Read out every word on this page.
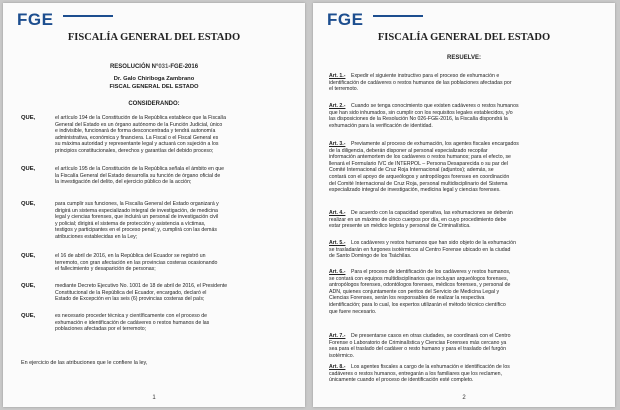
FGE
FISCALÍA GENERAL DEL ESTADO
RESOLUCIÓN N°031-FGE-2016
Dr. Galo Chiriboga Zambrano
FISCAL GENERAL DEL ESTADO
CONSIDERANDO:
QUE,	el artículo 194 de la Constitución de la República establece que la Fiscalía
General del Estado es un órgano autónomo de la Función Judicial, único
e indivisible, funcionará de forma desconcentrada y tendrá autonomía
administrativa, económica y financiera. La Fiscal o el Fiscal General es
su máxima autoridad y representante legal y actuará con sujeción a los
principios constitucionales, derechos y garantías del debido proceso;
QUE,	el artículo 195 de la Constitución de la República señala el ámbito en que
la Fiscalía General del Estado desarrolla su función de órgano oficial de
la investigación del delito, del ejercicio público de la acción;
QUE,	para cumplir sus funciones, la Fiscalía General del Estado organizará y
dirigirá un sistema especializado integral de investigación, de medicina
legal y ciencias forenses, que incluirá un personal de investigación civil
y policial; dirigirá el sistema de protección y asistencia a víctimas,
testigos y participantes en el proceso penal; y, cumplirá con las demás
atribuciones establecidas en la Ley;
QUE,	el 16 de abril de 2016, en la República del Ecuador se registró un
terremoto, con gran afectación en las provincias costeras ocasionando
el fallecimiento y desaparición de personas;
QUE,	mediante Decreto Ejecutivo No. 1001 de 18 de abril de 2016, el Presidente
Constitucional de la República del Ecuador, encargado, declaró el
Estado de Excepción en las seis (6) provincias costeras del país;
QUE,	es necesario proceder técnica y científicamente con el proceso de
exhumación e identificación de cadáveres o restos humanos de las
poblaciones afectadas por el terremoto;
En ejercicio de las atribuciones que le confiere la ley,
1
FGE
FISCALÍA GENERAL DEL ESTADO
RESUELVE:
Art. 1.- Expedir el siguiente instructivo para el proceso de exhumación e
identificación de cadáveres o restos humanos de las poblaciones afectadas por
el terremoto.
Art. 2.- Cuando se tenga conocimiento que existen cadáveres o restos humanos
que han sido inhumados, sin cumplir con los requisitos legales establecidos, y/o
las disposiciones de la Resolución No 026-FGE-2016, la Fiscalía dispondrá la
exhumación para la verificación de identidad.
Art. 3.- Previamente al proceso de exhumación, los agentes fiscales encargados
de la diligencia, deberán disponer al personal especializado recopilar
información antemortem de los cadáveres o restos humanos; para el efecto, se
llenará el Formulario IVC de INTERPOL – Persona Desaparecida o su par del
Comité Internacional de Cruz Roja Internacional (adjuntos); además, se
contará con el apoyo de arqueólogos y antropólogos forenses en coordinación
del Comité Internacional de Cruz Roja, personal multidisciplinario del Sistema
especializado integral de investigación, medicina legal y ciencias forenses.
Art. 4.- De acuerdo con la capacidad operativa, las exhumaciones se deberán
realizar en un máximo de cinco cuerpos por día, en cuyo procedimiento debe
estar presente un médico legista y personal de Criminalística.
Art. 5.- Los cadáveres y restos humanos que han sido objeto de la exhumación
se trasladarán en furgones isotérmicos al Centro Forense ubicado en la ciudad
de Santo Domingo de los Tsáchilas.
Art. 6.- Para el proceso de identificación de los cadáveres y restos humanos,
se contará con equipos multidisciplinarios que incluyan arqueólogos forenses,
antropólogos forenses, odontólogos forenses, médicos forenses, y personal de
ADN, quienes conjuntamente con peritos del Servicio de Medicina Legal y
Ciencias Forenses, serán los responsables de realizar la respectiva
identificación; para lo cual, los expertos utilizarán el método técnico científico
que fuere necesario.
Art. 7.- De presentarse casos en otras ciudades, se coordinará con el Centro
Forense o Laboratorio de Criminalística y Ciencias Forenses más cercano ya
sea para el traslado del cadáver o resto humano y para el traslado del furgón
isotérmico.
Art. 8.- Los agentes fiscales a cargo de la exhumación e identificación de los
cadáveres o restos humanos, entregarán a los familiares que los reclamen,
únicamente cuando el proceso de identificación esté completo.
2
